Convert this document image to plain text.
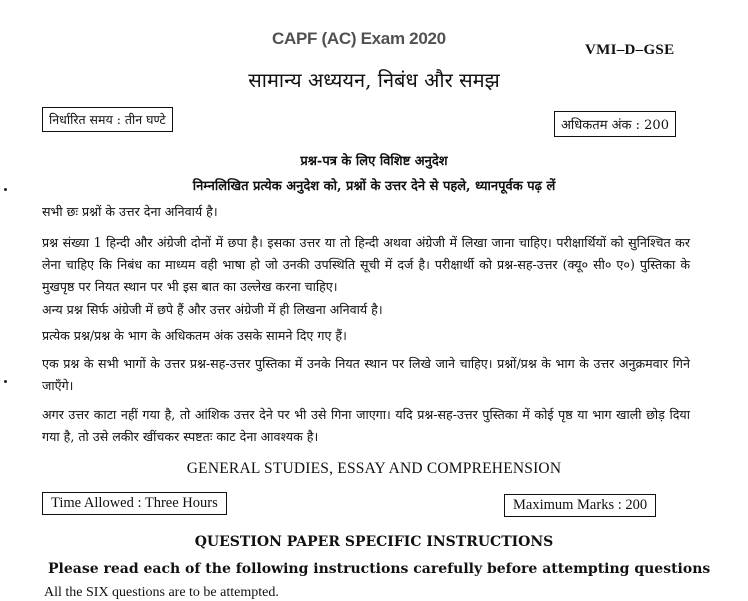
CAPF (AC) Exam 2020
VMI–D–GSE
सामान्य अध्ययन, निबंध और समझ
निर्धारित समय : तीन घण्टे	अधिकतम अंक : 200
प्रश्न-पत्र के लिए विशिष्ट अनुदेश
निम्नलिखित प्रत्येक अनुदेश को, प्रश्नों के उत्तर देने से पहले, ध्यानपूर्वक पढ़ लें
सभी छः प्रश्नों के उत्तर देना अनिवार्य है।
प्रश्न संख्या 1 हिन्दी और अंग्रेजी दोनों में छपा है। इसका उत्तर या तो हिन्दी अथवा अंग्रेजी में लिखा जाना चाहिए। परीक्षार्थियों को सुनिश्चित कर लेना चाहिए कि निबंध का माध्यम वही भाषा हो जो उनकी उपस्थिति सूची में दर्ज है। परीक्षार्थी को प्रश्न-सह-उत्तर (क्यू० सी० ए०) पुस्तिका के मुखपृष्ठ पर नियत स्थान पर भी इस बात का उल्लेख करना चाहिए।
अन्य प्रश्न सिर्फ अंग्रेजी में छपे हैं और उत्तर अंग्रेजी में ही लिखना अनिवार्य है।
प्रत्येक प्रश्न/प्रश्न के भाग के अधिकतम अंक उसके सामने दिए गए हैं।
एक प्रश्न के सभी भागों के उत्तर प्रश्न-सह-उत्तर पुस्तिका में उनके नियत स्थान पर लिखे जाने चाहिए। प्रश्नों/प्रश्न के भाग के उत्तर अनुक्रमवार गिने जाएँगे।
अगर उत्तर काटा नहीं गया है, तो आंशिक उत्तर देने पर भी उसे गिना जाएगा। यदि प्रश्न-सह-उत्तर पुस्तिका में कोई पृष्ठ या भाग खाली छोड़ दिया गया है, तो उसे लकीर खींचकर स्पष्टतः काट देना आवश्यक है।
GENERAL STUDIES, ESSAY AND COMPREHENSION
Time Allowed : Three Hours	Maximum Marks : 200
QUESTION PAPER SPECIFIC INSTRUCTIONS
Please read each of the following instructions carefully before attempting questions
All the SIX questions are to be attempted.
